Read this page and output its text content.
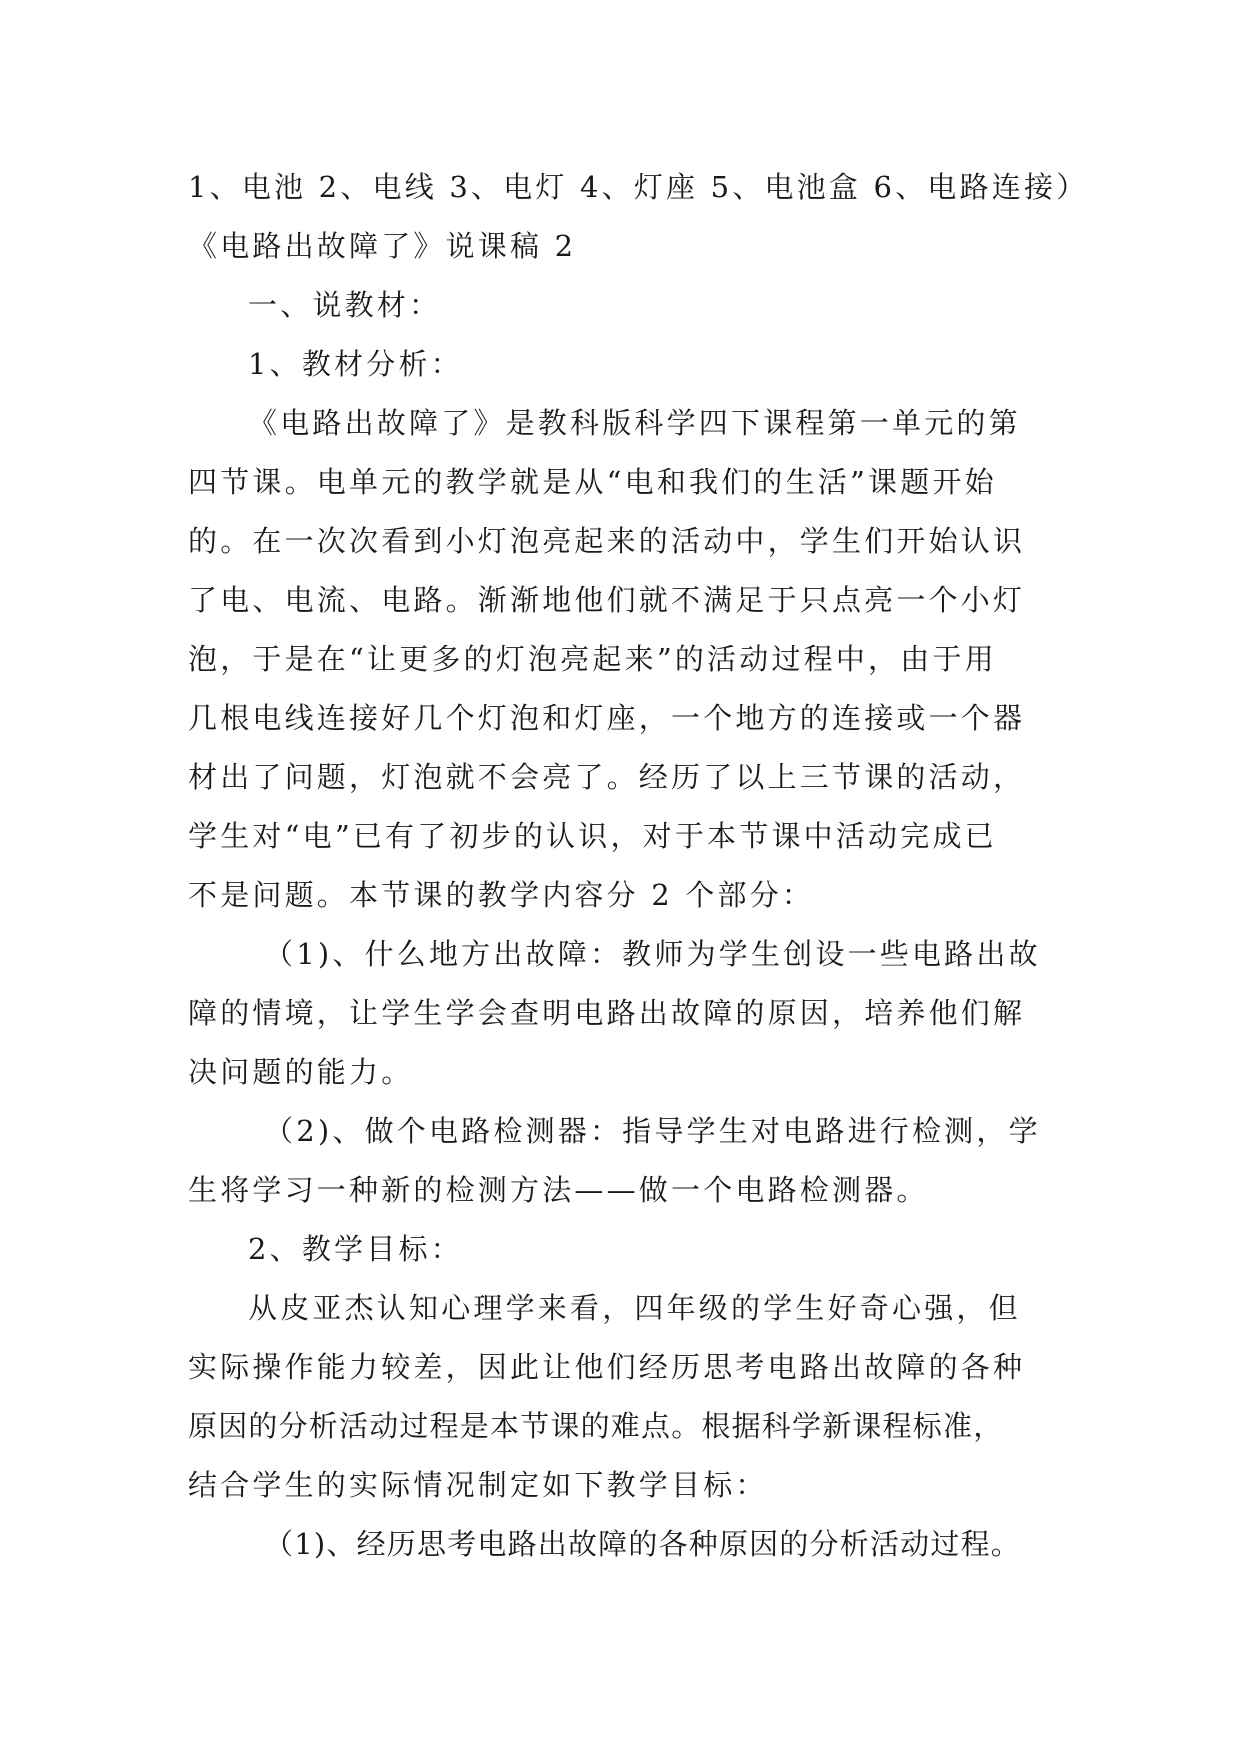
1、电池 2、电线 3、电灯 4、灯座 5、电池盒 6、电路连接）
《电路出故障了》说课稿 2
一、说教材：
1、教材分析：
《电路出故障了》是教科版科学四下课程第一单元的第
四节课。电单元的教学就是从“电和我们的生活”课题开始
的。在一次次看到小灯泡亮起来的活动中，学生们开始认识
了电、电流、电路。渐渐地他们就不满足于只点亮一个小灯
泡，于是在“让更多的灯泡亮起来”的活动过程中，由于用
几根电线连接好几个灯泡和灯座，一个地方的连接或一个器
材出了问题，灯泡就不会亮了。经历了以上三节课的活动，
学生对“电”已有了初步的认识，对于本节课中活动完成已
不是问题。本节课的教学内容分 2 个部分：
（1)、什么地方出故障：教师为学生创设一些电路出故
障的情境，让学生学会查明电路出故障的原因，培养他们解
决问题的能力。
（2)、做个电路检测器：指导学生对电路进行检测，学
生将学习一种新的检测方法——做一个电路检测器。
2、教学目标：
从皮亚杰认知心理学来看，四年级的学生好奇心强，但
实际操作能力较差，因此让他们经历思考电路出故障的各种
原因的分析活动过程是本节课的难点。根据科学新课程标准，
结合学生的实际情况制定如下教学目标：
（1)、经历思考电路出故障的各种原因的分析活动过程。
